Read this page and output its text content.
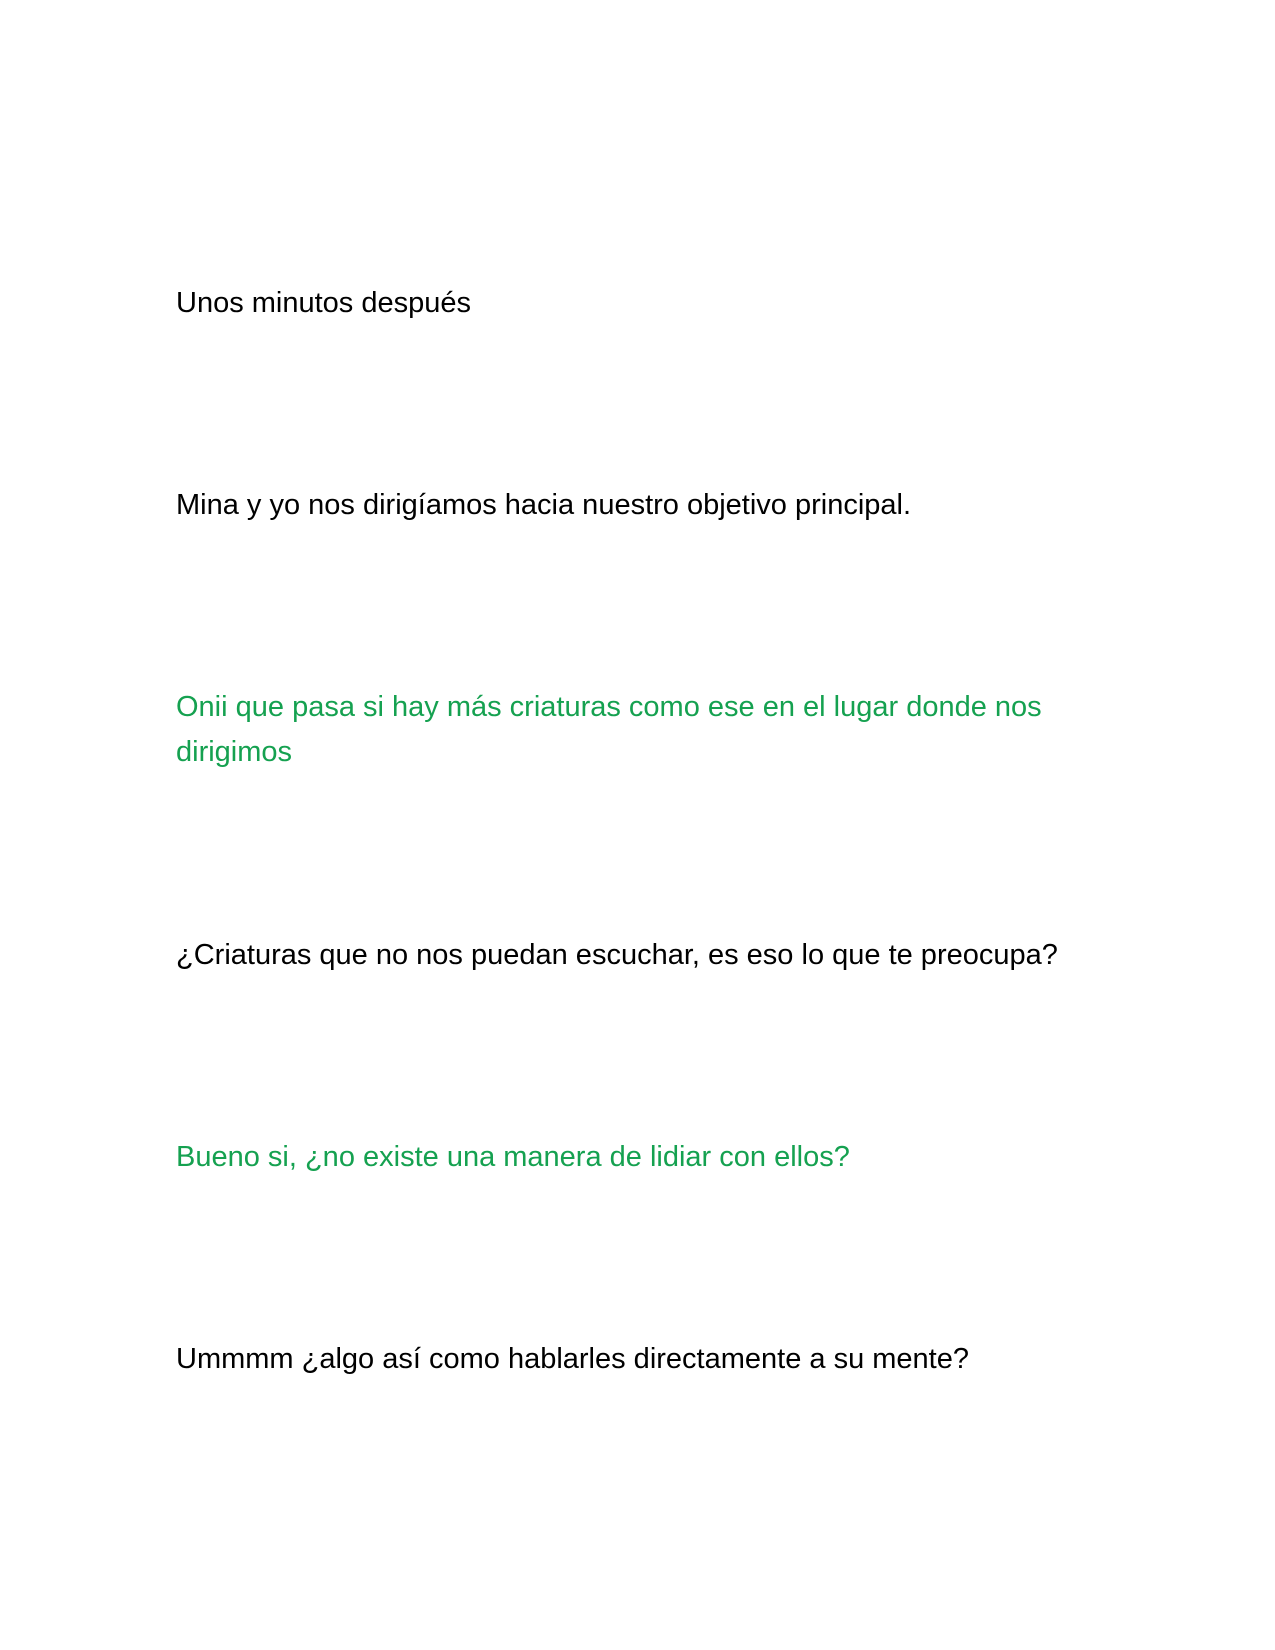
Unos minutos después
Mina y yo nos dirigíamos hacia nuestro objetivo principal.
Onii que pasa si hay más criaturas como ese en el lugar donde nos dirigimos
¿Criaturas que no nos puedan escuchar, es eso lo que te preocupa?
Bueno si, ¿no existe una manera de lidiar con ellos?
Ummmm ¿algo así como hablarles directamente a su mente?
